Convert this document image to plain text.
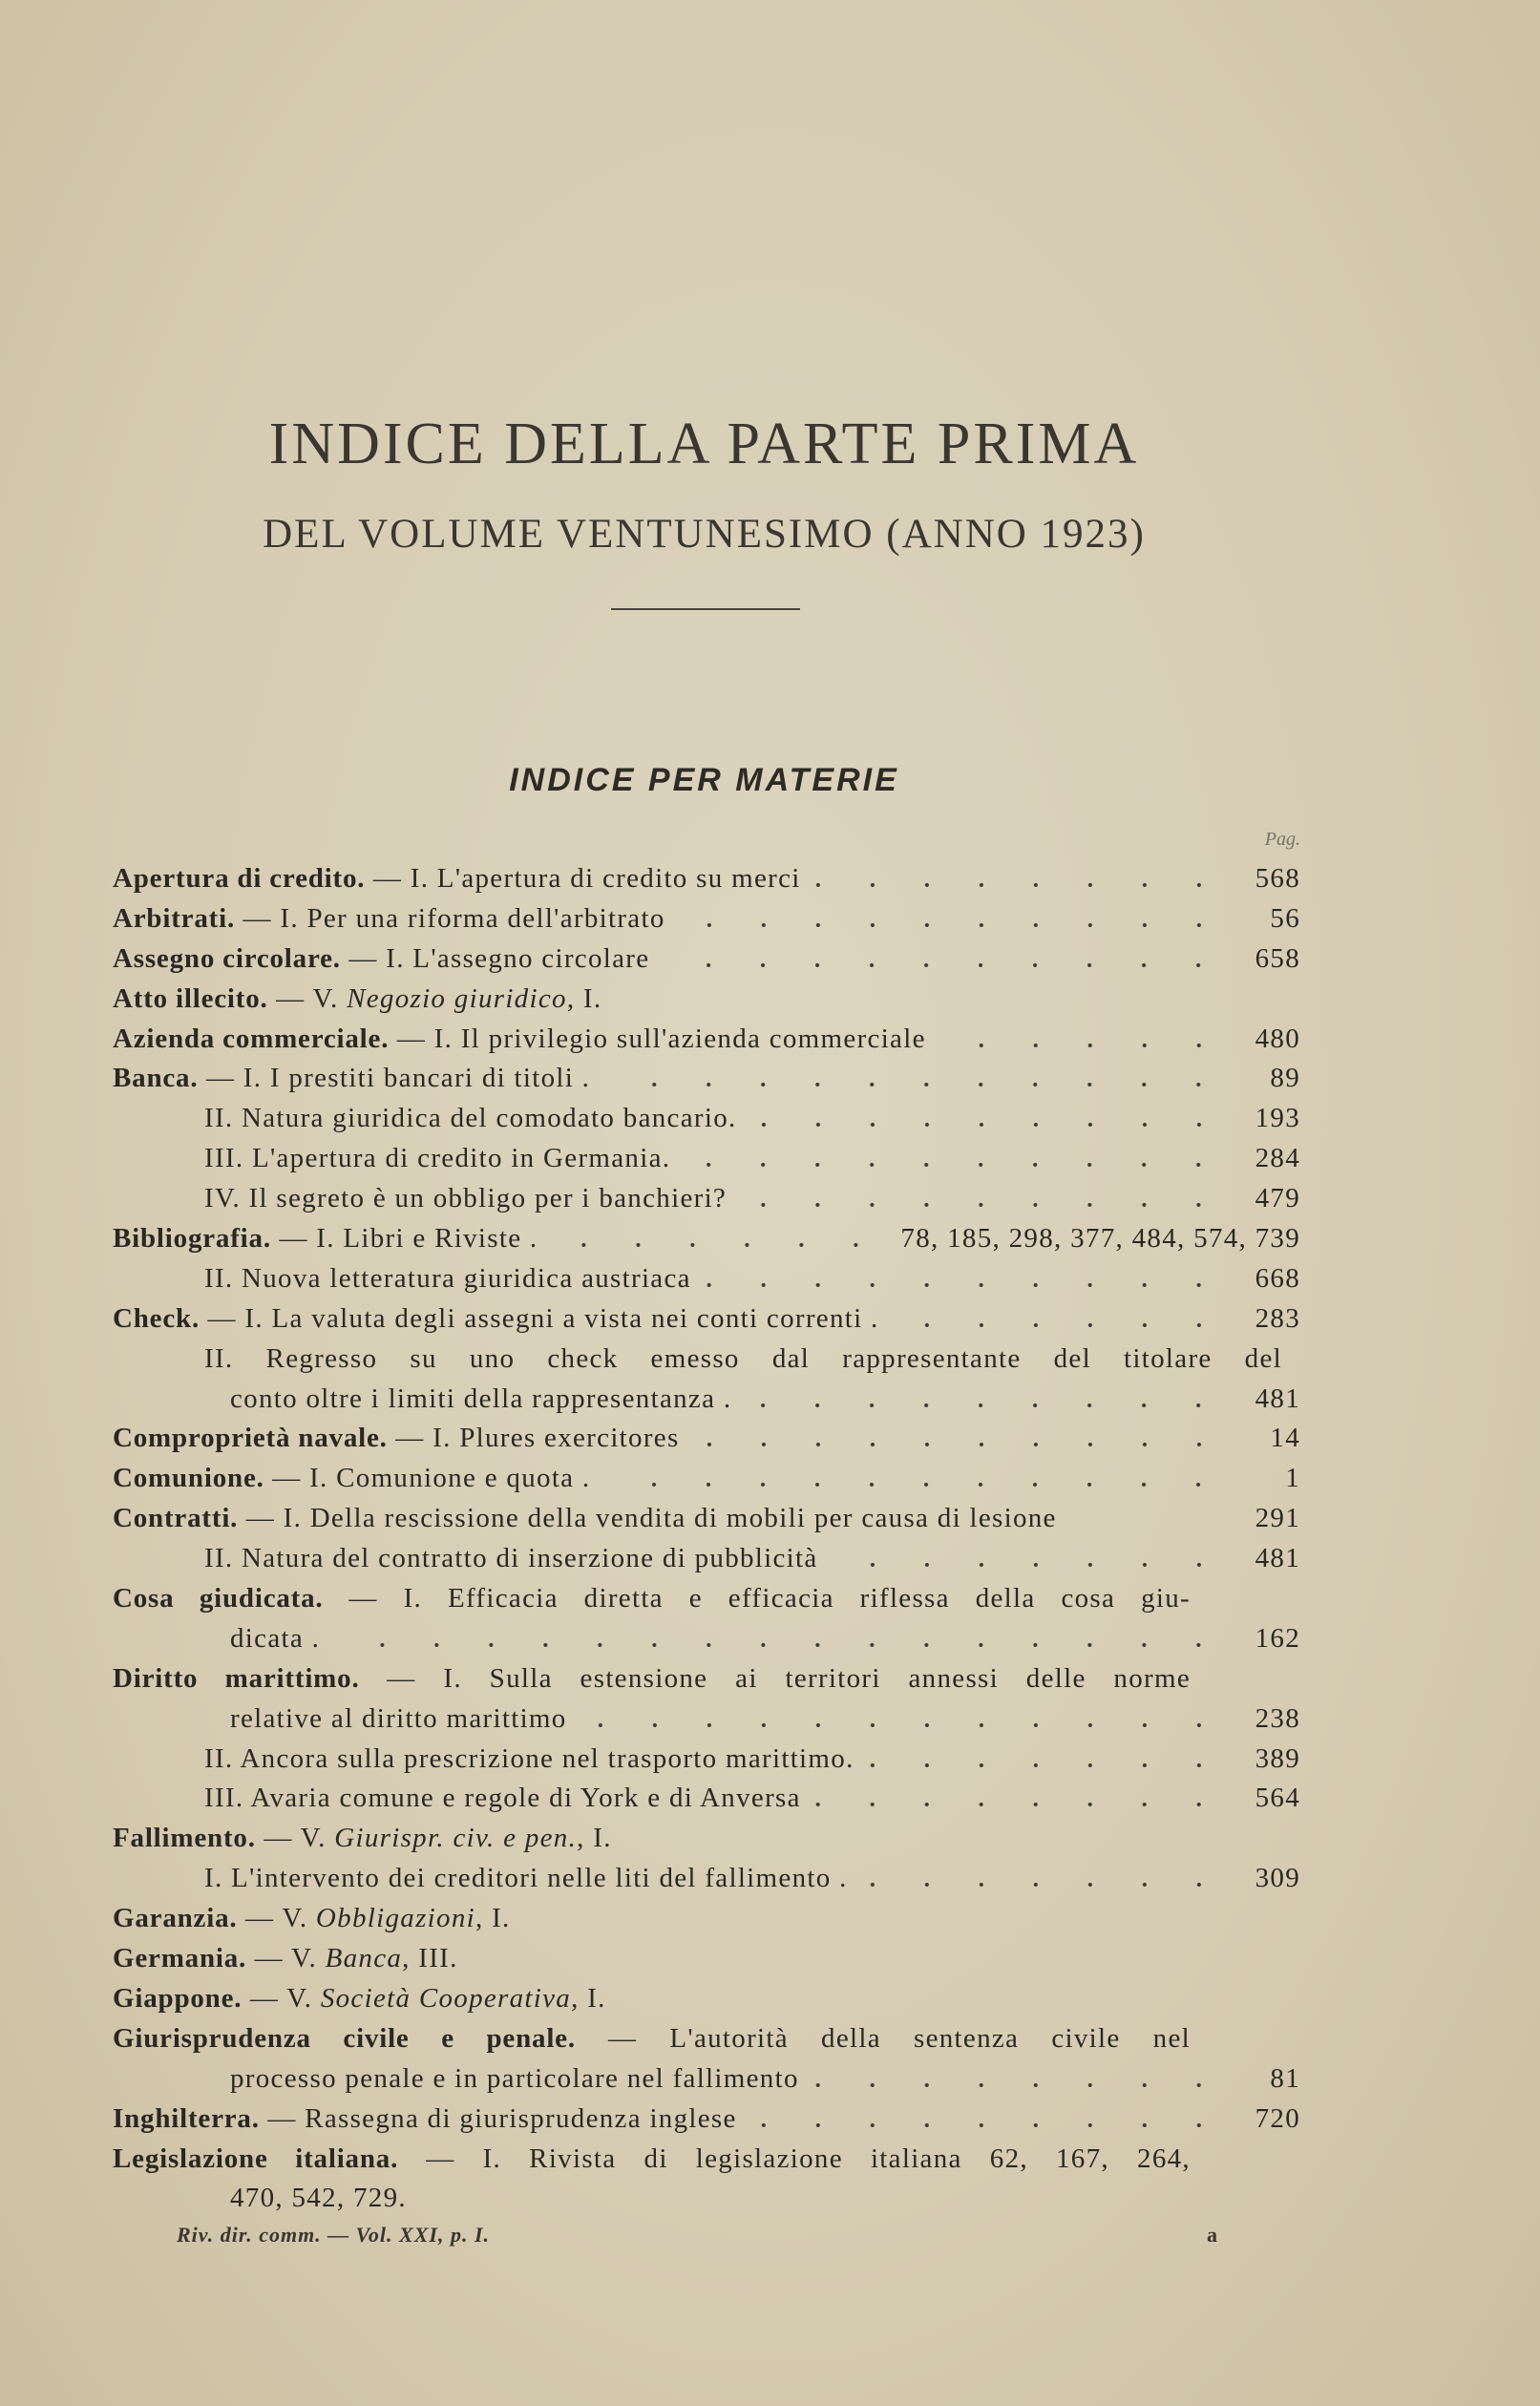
INDICE DELLA PARTE PRIMA
DEL VOLUME VENTUNESIMO (ANNO 1923)
INDICE PER MATERIE
Pag.
Apertura di credito. — I. L'apertura di credito su merci	568
Arbitrati. — I. Per una riforma dell'arbitrato	56
Assegno circolare. — I. L'assegno circolare	658
Atto illecito. — V. Negozio giuridico, I.
Azienda commerciale. — I. Il privilegio sull'azienda commerciale	480
Banca. — I. I prestiti bancari di titoli .	89
II. Natura giuridica del comodato bancario.	193
III. L'apertura di credito in Germania.	284
IV. Il segreto è un obbligo per i banchieri?	479
Bibliografia. — I. Libri e Riviste .	78, 185, 298, 377, 484, 574, 739
II. Nuova letteratura giuridica austriaca	668
Check. — I. La valuta degli assegni a vista nei conti correnti .	283
II. Regresso su uno check emesso dal rappresentante del titolare del
conto oltre i limiti della rappresentanza .	481
Comproprietà navale. — I. Plures exercitores	14
Comunione. — I. Comunione e quota .	1
Contratti. — I. Della rescissione della vendita di mobili per causa di lesione	291
II. Natura del contratto di inserzione di pubblicità	481
Cosa giudicata. — I. Efficacia diretta e efficacia riflessa della cosa giu-
dicata .	162
Diritto marittimo. — I. Sulla estensione ai territori annessi delle norme
relative al diritto marittimo	238
II. Ancora sulla prescrizione nel trasporto marittimo.	389
III. Avaria comune e regole di York e di Anversa	564
Fallimento. — V. Giurispr. civ. e pen., I.
I. L'intervento dei creditori nelle liti del fallimento .	309
Garanzia. — V. Obbligazioni, I.
Germania. — V. Banca, III.
Giappone. — V. Società Cooperativa, I.
Giurisprudenza civile e penale. — L'autorità della sentenza civile nel
processo penale e in particolare nel fallimento	81
Inghilterra. — Rassegna di giurisprudenza inglese	720
Legislazione italiana. — I. Rivista di legislazione italiana 62, 167, 264,
470, 542, 729.
Riv. dir. comm. — Vol. XXI, p. I.	a
